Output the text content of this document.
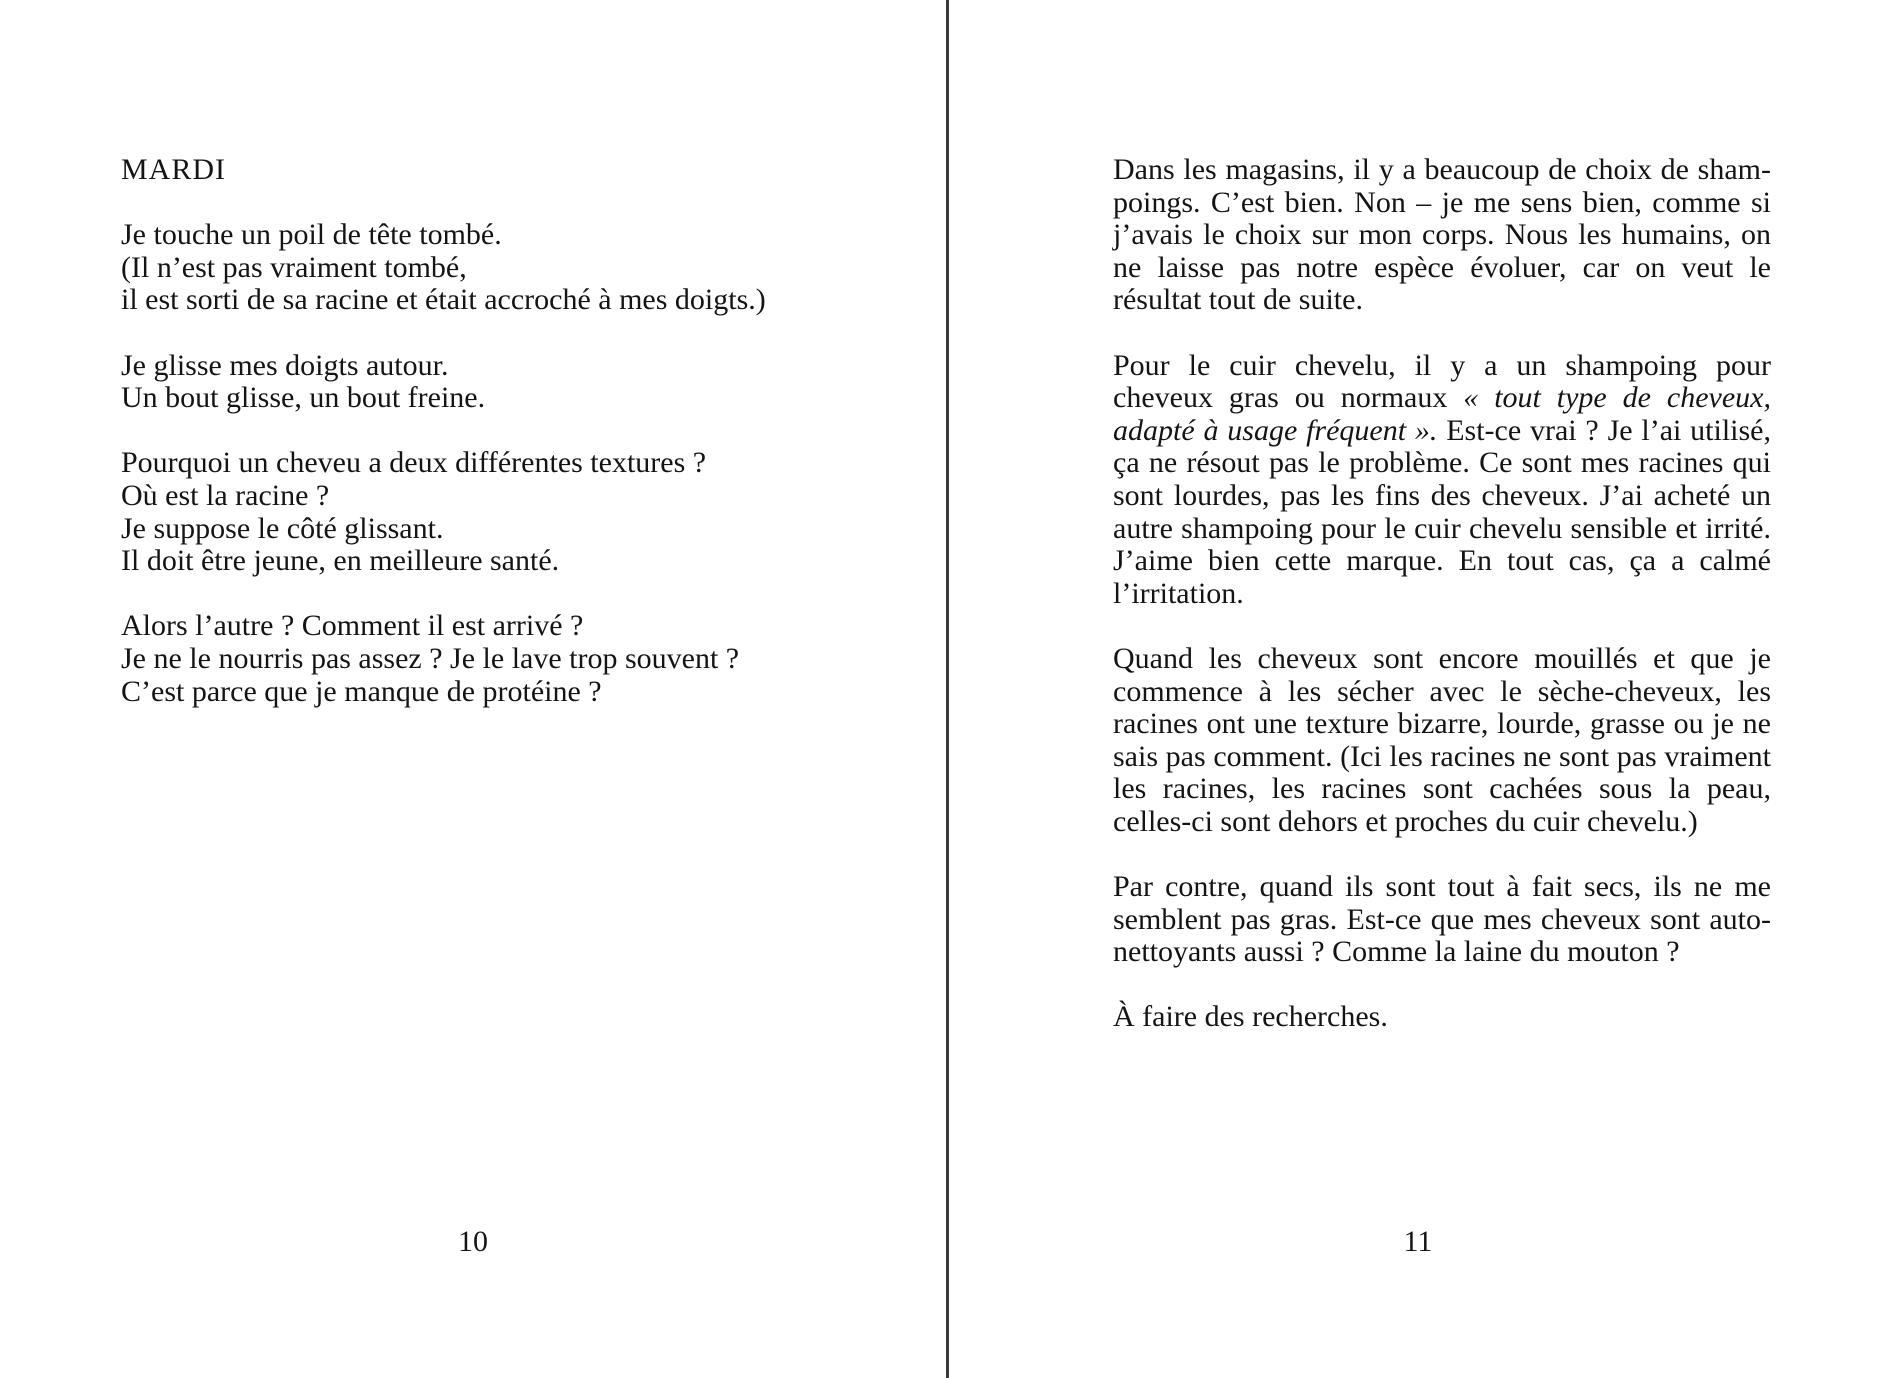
MARDI
Je touche un poil de tête tombé.
(Il n’est pas vraiment tombé,
il est sorti de sa racine et était accroché à mes doigts.)
Je glisse mes doigts autour.
Un bout glisse, un bout freine.
Pourquoi un cheveu a deux différentes textures ?
Où est la racine ?
Je suppose le côté glissant.
Il doit être jeune, en meilleure santé.
Alors l’autre ? Comment il est arrivé ?
Je ne le nourris pas assez ? Je le lave trop souvent ?
C’est parce que je manque de protéine ?
10

Dans les magasins, il y a beaucoup de choix de shampoings. C’est bien. Non – je me sens bien, comme si j’avais le choix sur mon corps. Nous les humains, on ne laisse pas notre espèce évoluer, car on veut le résultat tout de suite.

Pour le cuir chevelu, il y a un shampoing pour cheveux gras ou normaux « tout type de cheveux, adapté à usage fréquent ». Est-ce vrai ? Je l’ai utilisé, ça ne résout pas le problème. Ce sont mes racines qui sont lourdes, pas les fins des cheveux. J’ai acheté un autre shampoing pour le cuir chevelu sensible et irrité. J’aime bien cette marque. En tout cas, ça a calmé l’irritation.

Quand les cheveux sont encore mouillés et que je commence à les sécher avec le sèche-cheveux, les racines ont une texture bizarre, lourde, grasse ou je ne sais pas comment. (Ici les racines ne sont pas vraiment les racines, les racines sont cachées sous la peau, celles-ci sont dehors et proches du cuir chevelu.)

Par contre, quand ils sont tout à fait secs, ils ne me semblent pas gras. Est-ce que mes cheveux sont autonettoyants aussi ? Comme la laine du mouton ?

À faire des recherches.

11
